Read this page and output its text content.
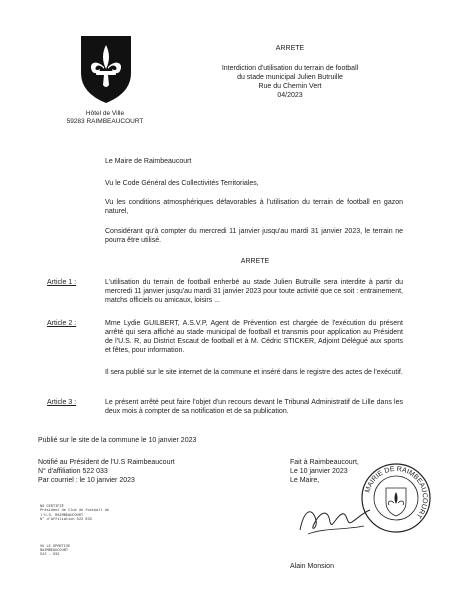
Hôtel de Ville
59283 RAIMBEAUCOURT
ARRETE
Interdiction d'utilisation du terrain de football
du stade municipal Julien Butruille
Rue du Chemin Vert
04/2023
Le Maire de Raimbeaucourt
Vu le Code Général des Collectivités Territoriales,
Vu les conditions atmosphériques défavorables à l'utilisation du terrain de football en gazon naturel,
Considérant qu'à compter du mercredi 11 janvier jusqu'au mardi 31 janvier 2023, le terrain ne pourra être utilisé.
ARRETE
Article 1 :	L'utilisation du terrain de football enherbé au stade Julien Butruille sera interdite à partir du mercredi 11 janvier jusqu'au mardi 31 janvier 2023 pour toute activité que ce soit : entrainement, matchs officiels ou amicaux, loisirs ...
Article 2 :	Mme Lydie GUILBERT, A.S.V.P, Agent de Prévention est chargée de l'exécution du présent arrêté qui sera affiché au stade municipal de football et transmis pour application au Président de l'U.S. R, au District Escaut de football et à M. Cédric STICKER, Adjoint Délégué aux sports et fêtes, pour information.
Il sera publié sur le site internet de la commune et inséré dans le registre des actes de l'exécutif.
Article 3 :	Le présent arrêté peut faire l'objet d'un recours devant le Tribunal Administratif de Lille dans les deux mois à compter de sa notification et de sa publication.
Publié sur le site de la commune le 10 janvier 2023
Notifié au Président de l'U.S Raimbeaucourt
N° d'affiliation 522 033
Par courriel : le 10 janvier 2023
NO CERTIFIÉ
Président de Club de football de
l'U.S. RAIMBEAUCOURT
N° d'Affiliation 522 033
VU LE SPORTIVE
RAIMBEAUCOURT
522 - 033
Fait à Raimbeaucourt,
Le 10 janvier 2023
Le Maire,
Alain Monsion
MAIRIE DE RAIMBEAUCOURT
